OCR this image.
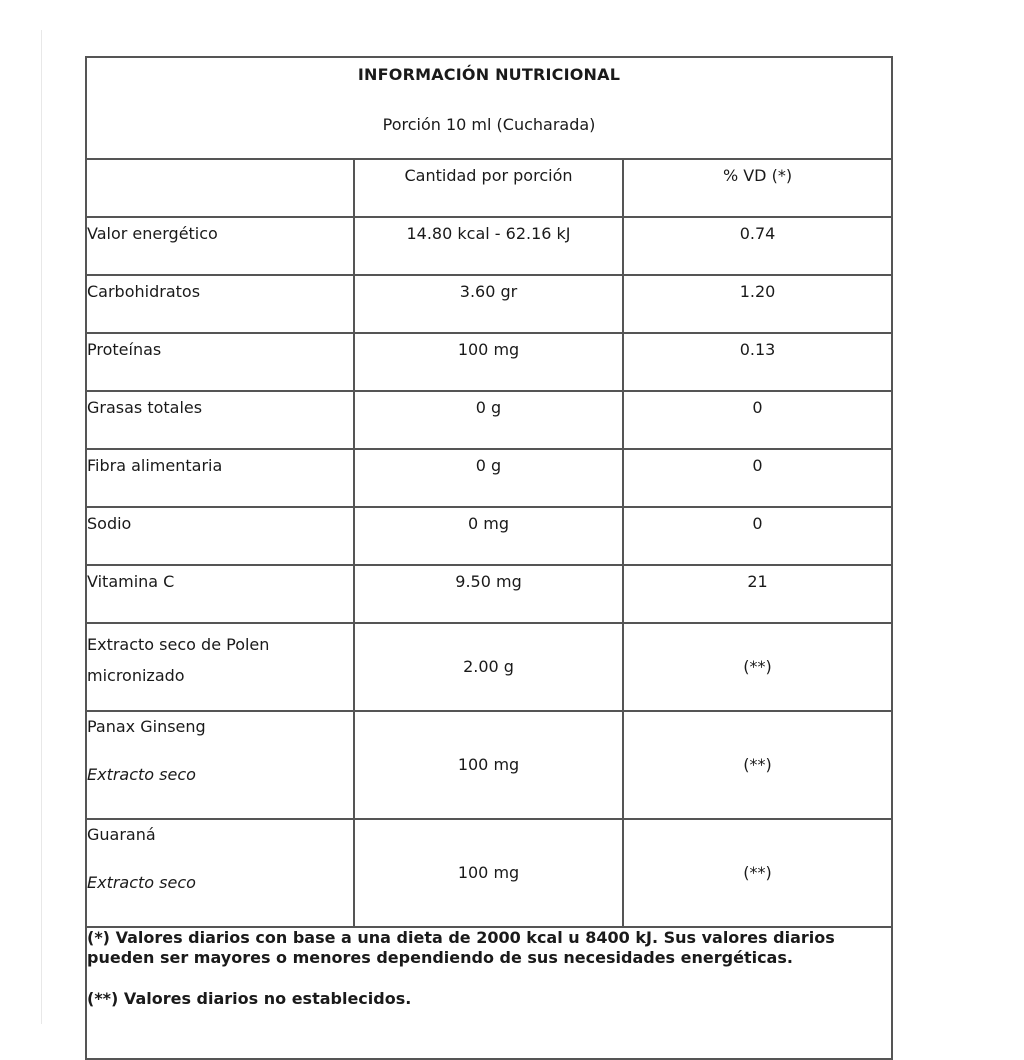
INFORMACIÓN NUTRICIONAL
Porción 10 ml (Cucharada)		

	Cantidad por porción	% VD (*)
Valor energético	14.80 kcal - 62.16 kJ	0.74
Carbohidratos	3.60 gr	1.20
Proteínas	100 mg	0.13
Grasas totales	0 g	0
Fibra alimentaria	0 g	0
Sodio	0 mg	0
Vitamina C	9.50 mg	21
Extracto seco de Polen micronizado	2.00 g	(**)
Panax Ginseng
Extracto seco	100 mg	(**)
Guaraná
Extracto seco	100 mg	(**)
(*) Valores diarios con base a una dieta de 2000 kcal u 8400 kJ. Sus valores diarios pueden ser mayores o menores dependiendo de sus necesidades energéticas.
(**) Valores diarios no establecidos.		
